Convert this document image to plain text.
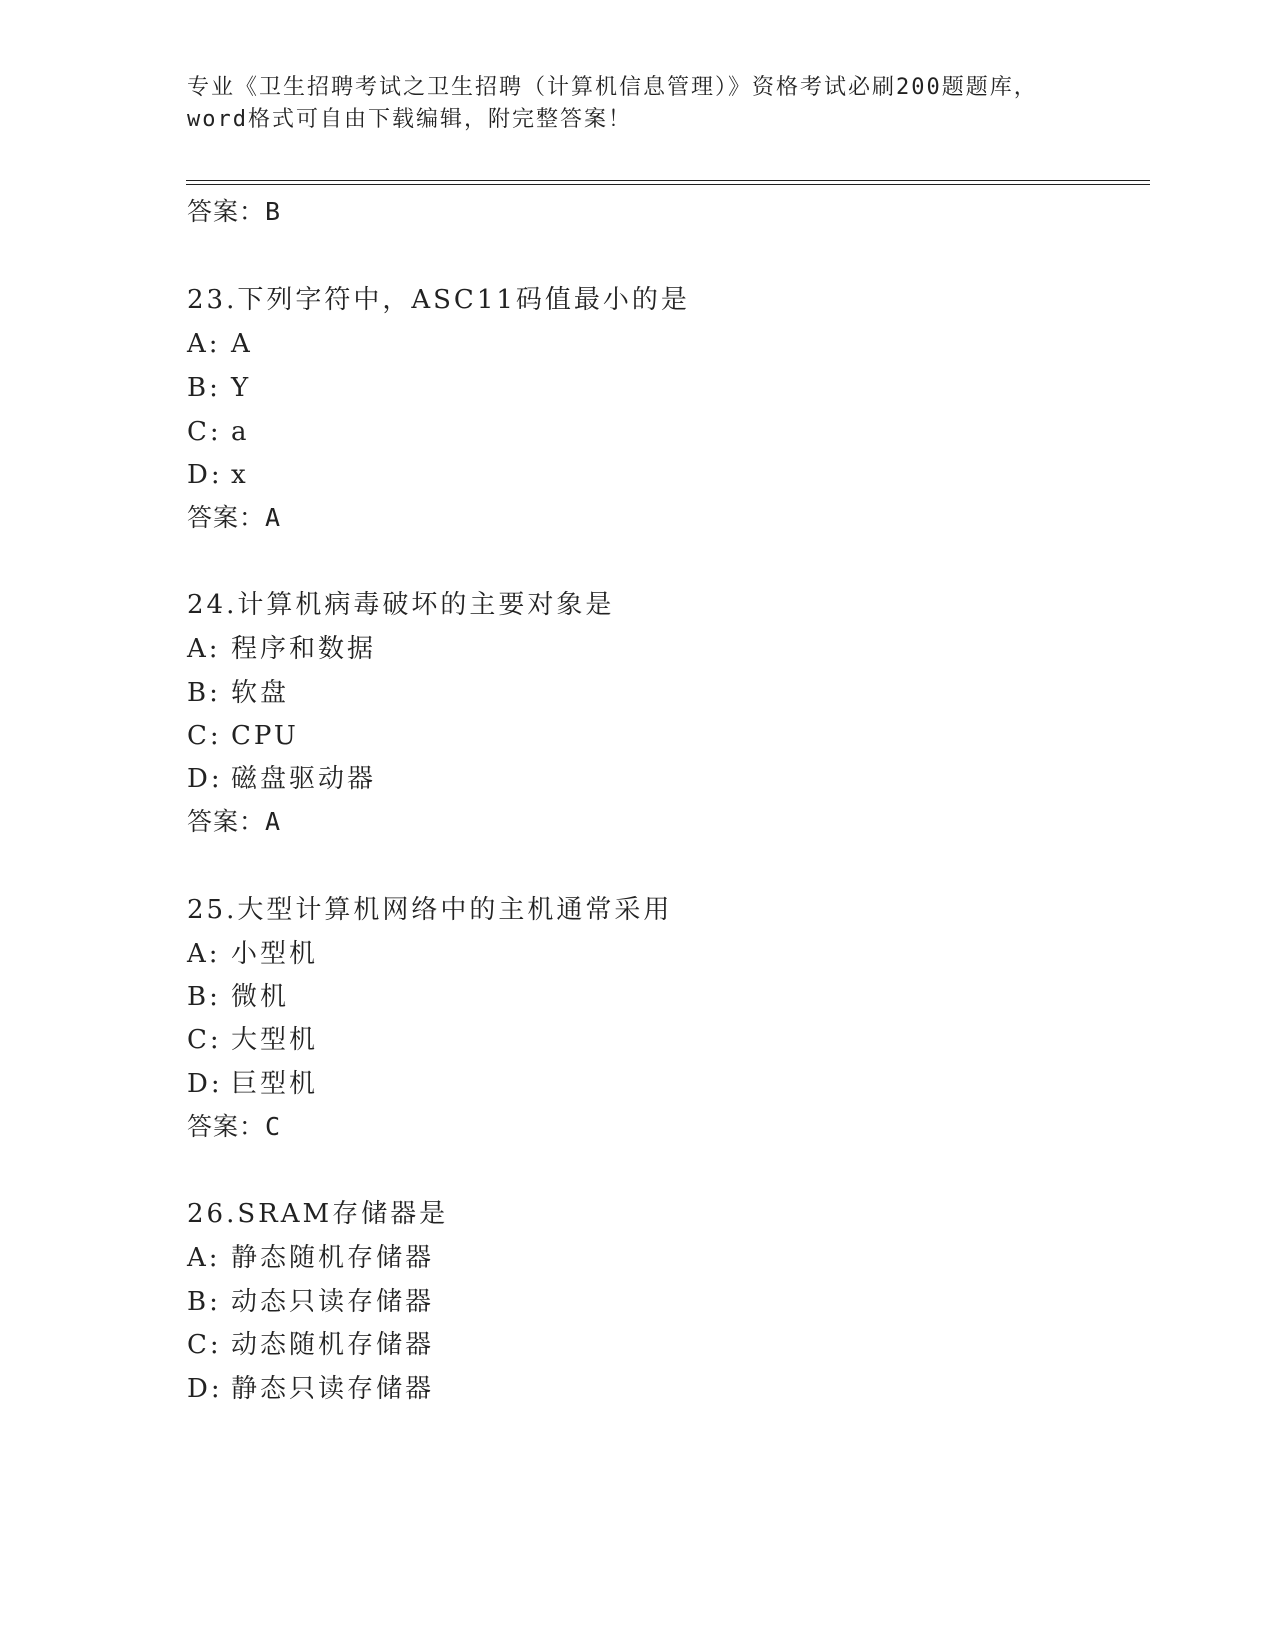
专业《卫生招聘考试之卫生招聘（计算机信息管理）》资格考试必刷200题题库，
word格式可自由下载编辑，附完整答案！
答案：B
23.下列字符中，ASC11码值最小的是
A: A
B: Y
C: a
D: x
答案：A
24.计算机病毒破坏的主要对象是
A: 程序和数据
B: 软盘
C: CPU
D: 磁盘驱动器
答案：A
25.大型计算机网络中的主机通常采用
A: 小型机
B: 微机
C: 大型机
D: 巨型机
答案：C
26.SRAM存储器是
A: 静态随机存储器
B: 动态只读存储器
C: 动态随机存储器
D: 静态只读存储器
